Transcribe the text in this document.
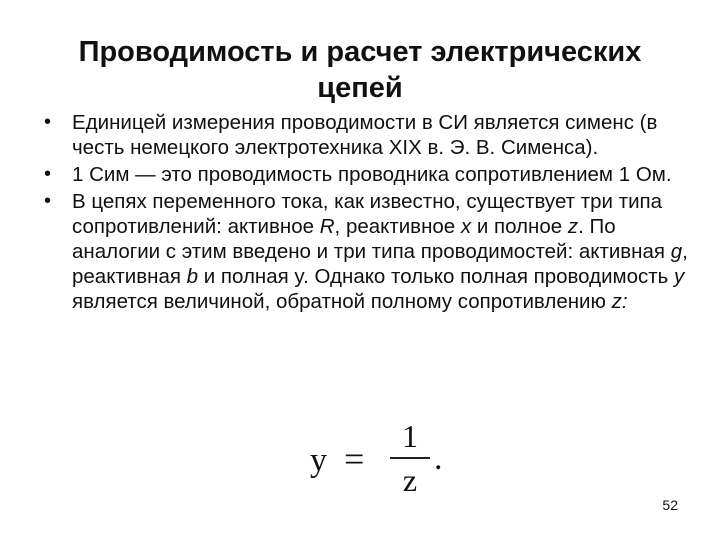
Проводимость и расчет электрических
цепей
•	Единицей измерения проводимости в СИ является сименс (в честь немецкого электротехника XIX в. Э. В. Сименса).
•	1 Сим — это проводимость проводника сопротивлением 1 Ом.
•	В цепях переменного тока, как известно, существует три типа сопротивлений: активное R, реактивное x и полное z. По аналогии с этим введено и три типа проводимостей: активная g, реактивная b и полная y. Однако только полная проводимость y является величиной, обратной полному сопротивлению z:
y =
1
z
.
52
